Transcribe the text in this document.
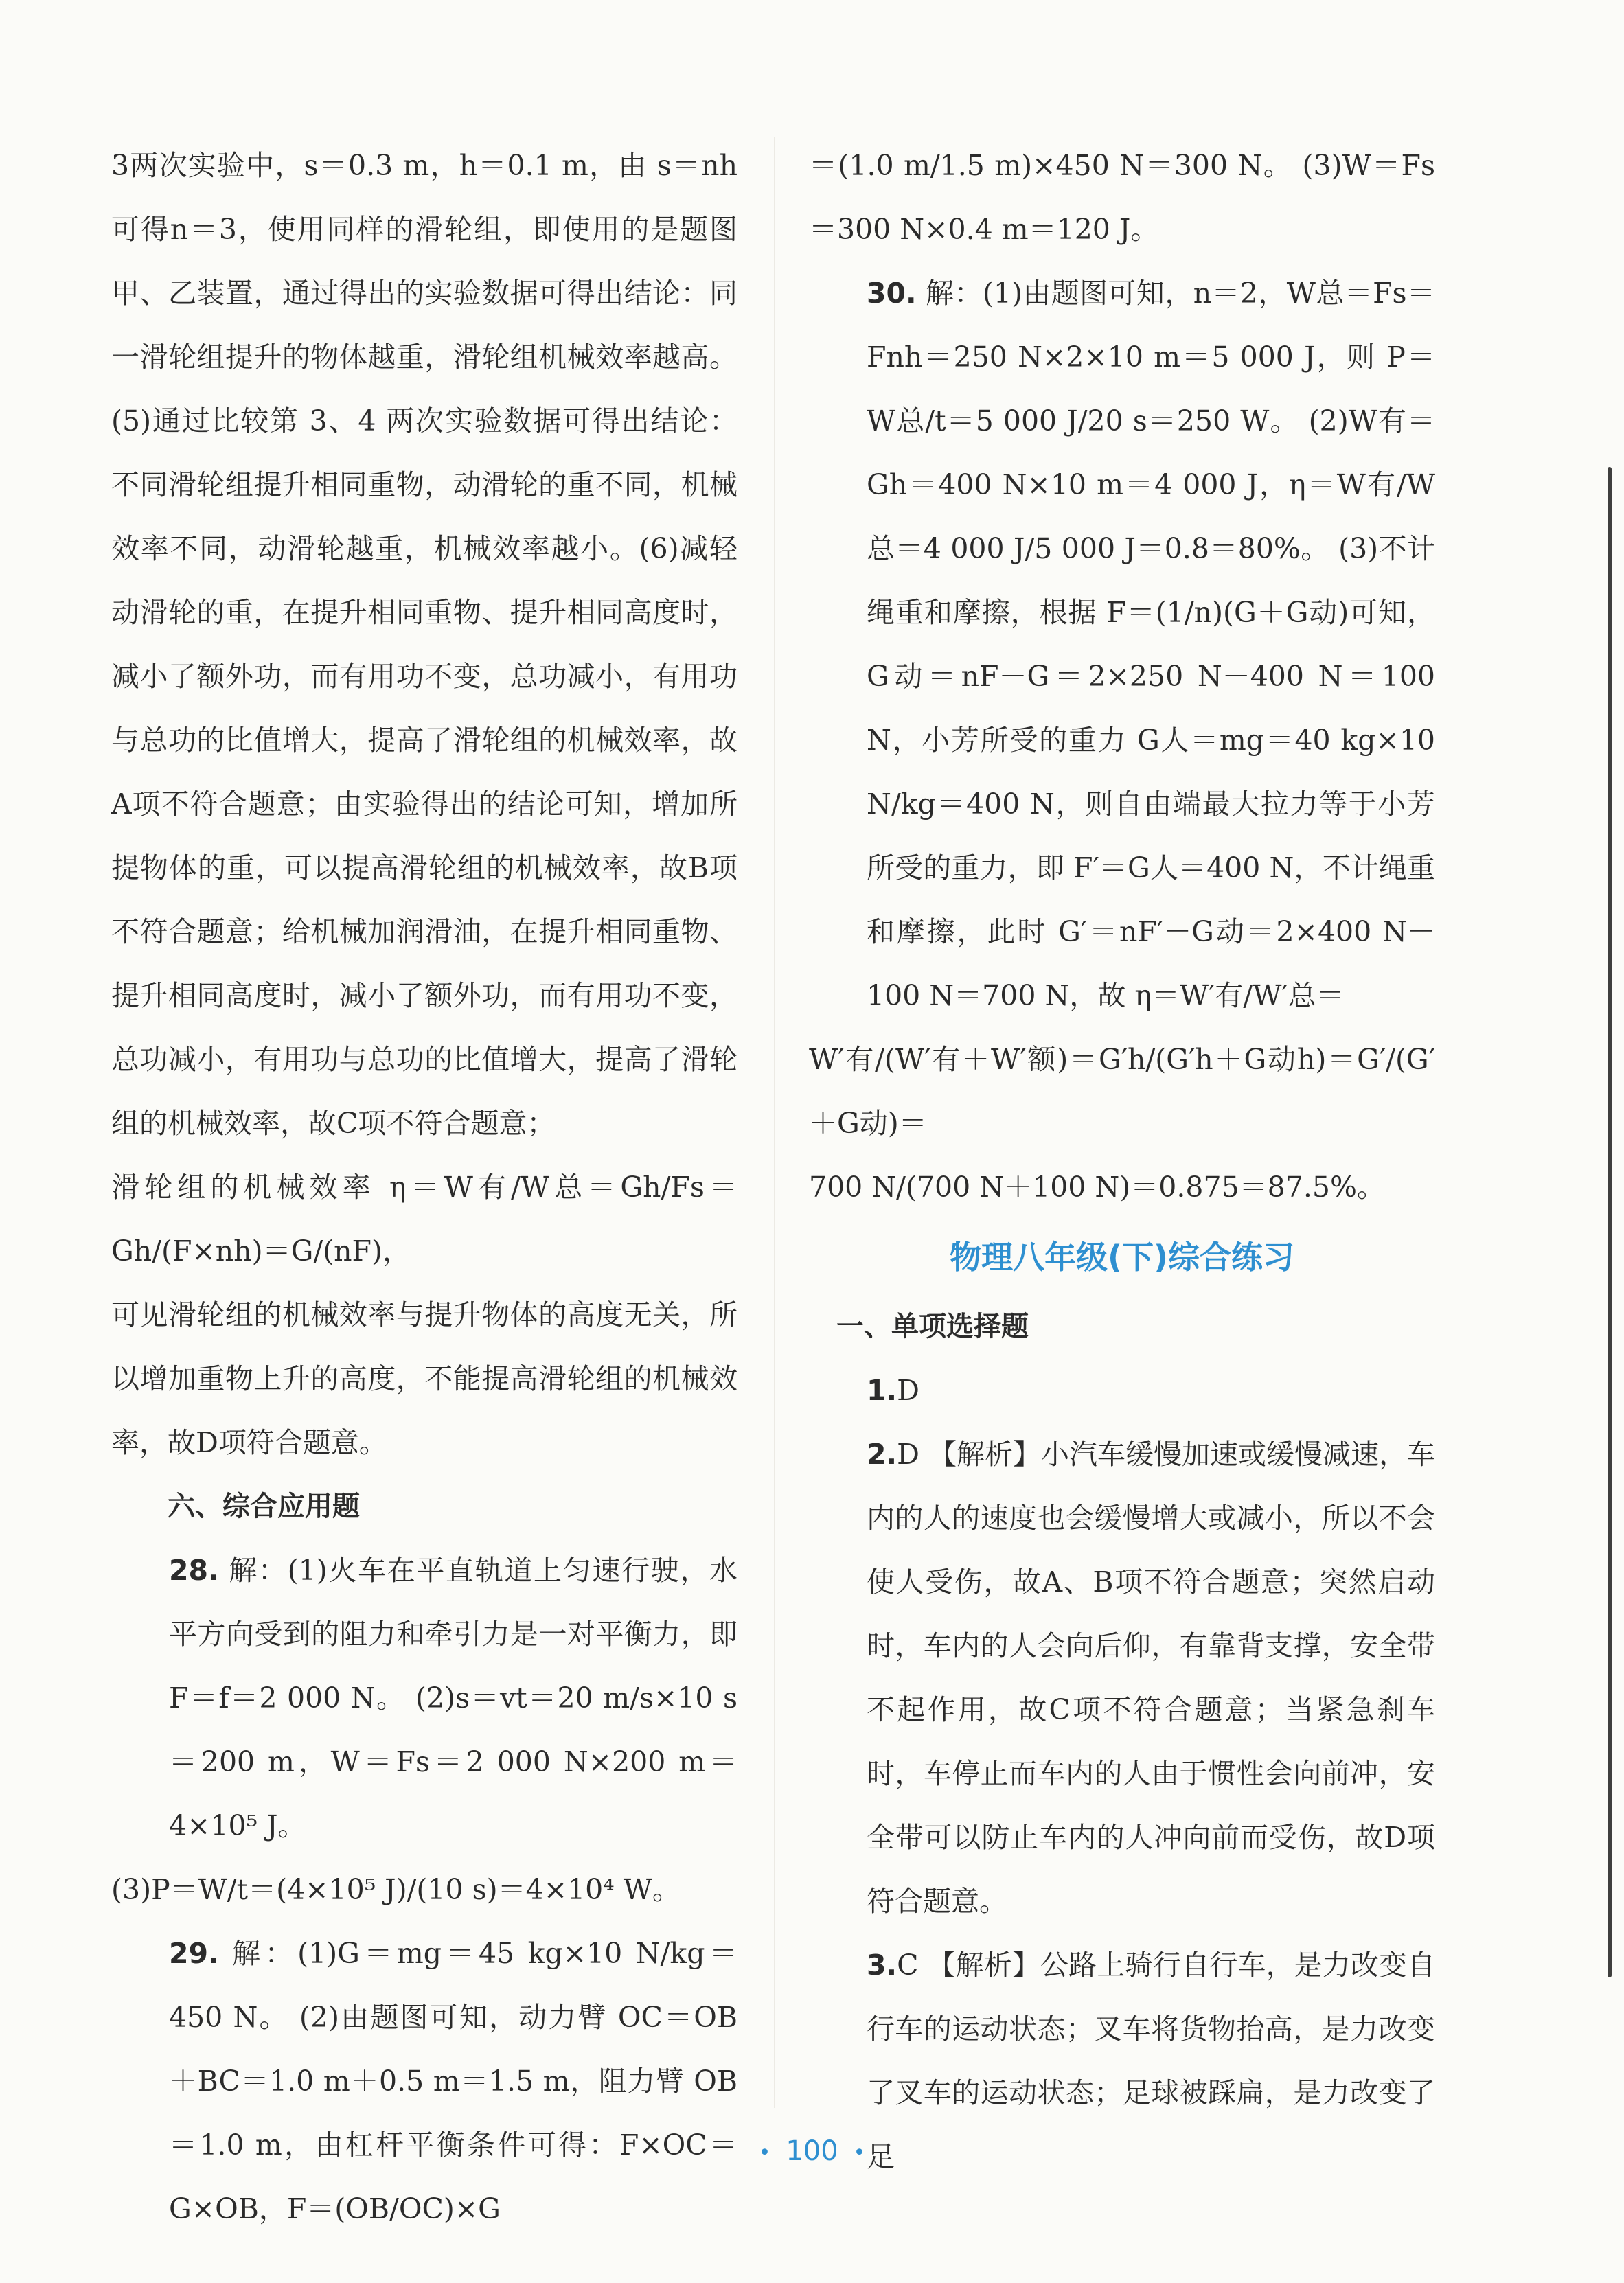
3两次实验中，s＝0.3 m，h＝0.1 m，由 s＝nh 可得n＝3，使用同样的滑轮组，即使用的是题图甲、乙装置，通过得出的实验数据可得出结论：同一滑轮组提升的物体越重，滑轮组机械效率越高。(5)通过比较第 3、4 两次实验数据可得出结论：不同滑轮组提升相同重物，动滑轮的重不同，机械效率不同，动滑轮越重，机械效率越小。(6)减轻动滑轮的重，在提升相同重物、提升相同高度时，减小了额外功，而有用功不变，总功减小，有用功与总功的比值增大，提高了滑轮组的机械效率，故A项不符合题意；由实验得出的结论可知，增加所提物体的重，可以提高滑轮组的机械效率，故B项不符合题意；给机械加润滑油，在提升相同重物、提升相同高度时，减小了额外功，而有用功不变，总功减小，有用功与总功的比值增大，提高了滑轮组的机械效率，故C项不符合题意；

滑轮组的机械效率 η＝W有/W总＝Gh/Fs＝Gh/(F×nh)＝G/(nF)，

可见滑轮组的机械效率与提升物体的高度无关，所以增加重物上升的高度，不能提高滑轮组的机械效率，故D项符合题意。

六、综合应用题

28. 解：(1)火车在平直轨道上匀速行驶，水平方向受到的阻力和牵引力是一对平衡力，即 F＝f＝2 000 N。 (2)s＝vt＝20 m/s×10 s＝200 m，W＝Fs＝2 000 N×200 m＝4×10⁵ J。

(3)P＝W/t＝(4×10⁵ J)/(10 s)＝4×10⁴ W。

29. 解：(1)G＝mg＝45 kg×10 N/kg＝450 N。 (2)由题图可知，动力臂 OC＝OB＋BC＝1.0 m＋0.5 m＝1.5 m，阻力臂 OB＝1.0 m，由杠杆平衡条件可得：F×OC＝G×OB，F＝(OB/OC)×G

＝(1.0 m/1.5 m)×450 N＝300 N。 (3)W＝Fs＝300 N×0.4 m＝120 J。

30. 解：(1)由题图可知，n＝2，W总＝Fs＝Fnh＝250 N×2×10 m＝5 000 J，则 P＝W总/t＝5 000 J/20 s＝250 W。 (2)W有＝Gh＝400 N×10 m＝4 000 J，η＝W有/W总＝4 000 J/5 000 J＝0.8＝80%。 (3)不计绳重和摩擦，根据 F＝(1/n)(G＋G动)可知，G动＝nF－G＝2×250 N－400 N＝100 N，小芳所受的重力 G人＝mg＝40 kg×10 N/kg＝400 N，则自由端最大拉力等于小芳所受的重力，即 F′＝G人＝400 N，不计绳重和摩擦，此时 G′＝nF′－G动＝2×400 N－100 N＝700 N，故 η＝W′有/W′总＝

W′有/(W′有＋W′额)＝G′h/(G′h＋G动h)＝G′/(G′＋G动)＝

700 N/(700 N＋100 N)＝0.875＝87.5%。

物理八年级(下)综合练习

一、单项选择题

1.D

2.D 【解析】小汽车缓慢加速或缓慢减速，车内的人的速度也会缓慢增大或减小，所以不会使人受伤，故A、B项不符合题意；突然启动时，车内的人会向后仰，有靠背支撑，安全带不起作用，故C项不符合题意；当紧急刹车时，车停止而车内的人由于惯性会向前冲，安全带可以防止车内的人冲向前而受伤，故D项符合题意。

3.C 【解析】公路上骑行自行车，是力改变自行车的运动状态；叉车将货物抬高，是力改变了叉车的运动状态；足球被踩扁，是力改变了足

• 100 •
